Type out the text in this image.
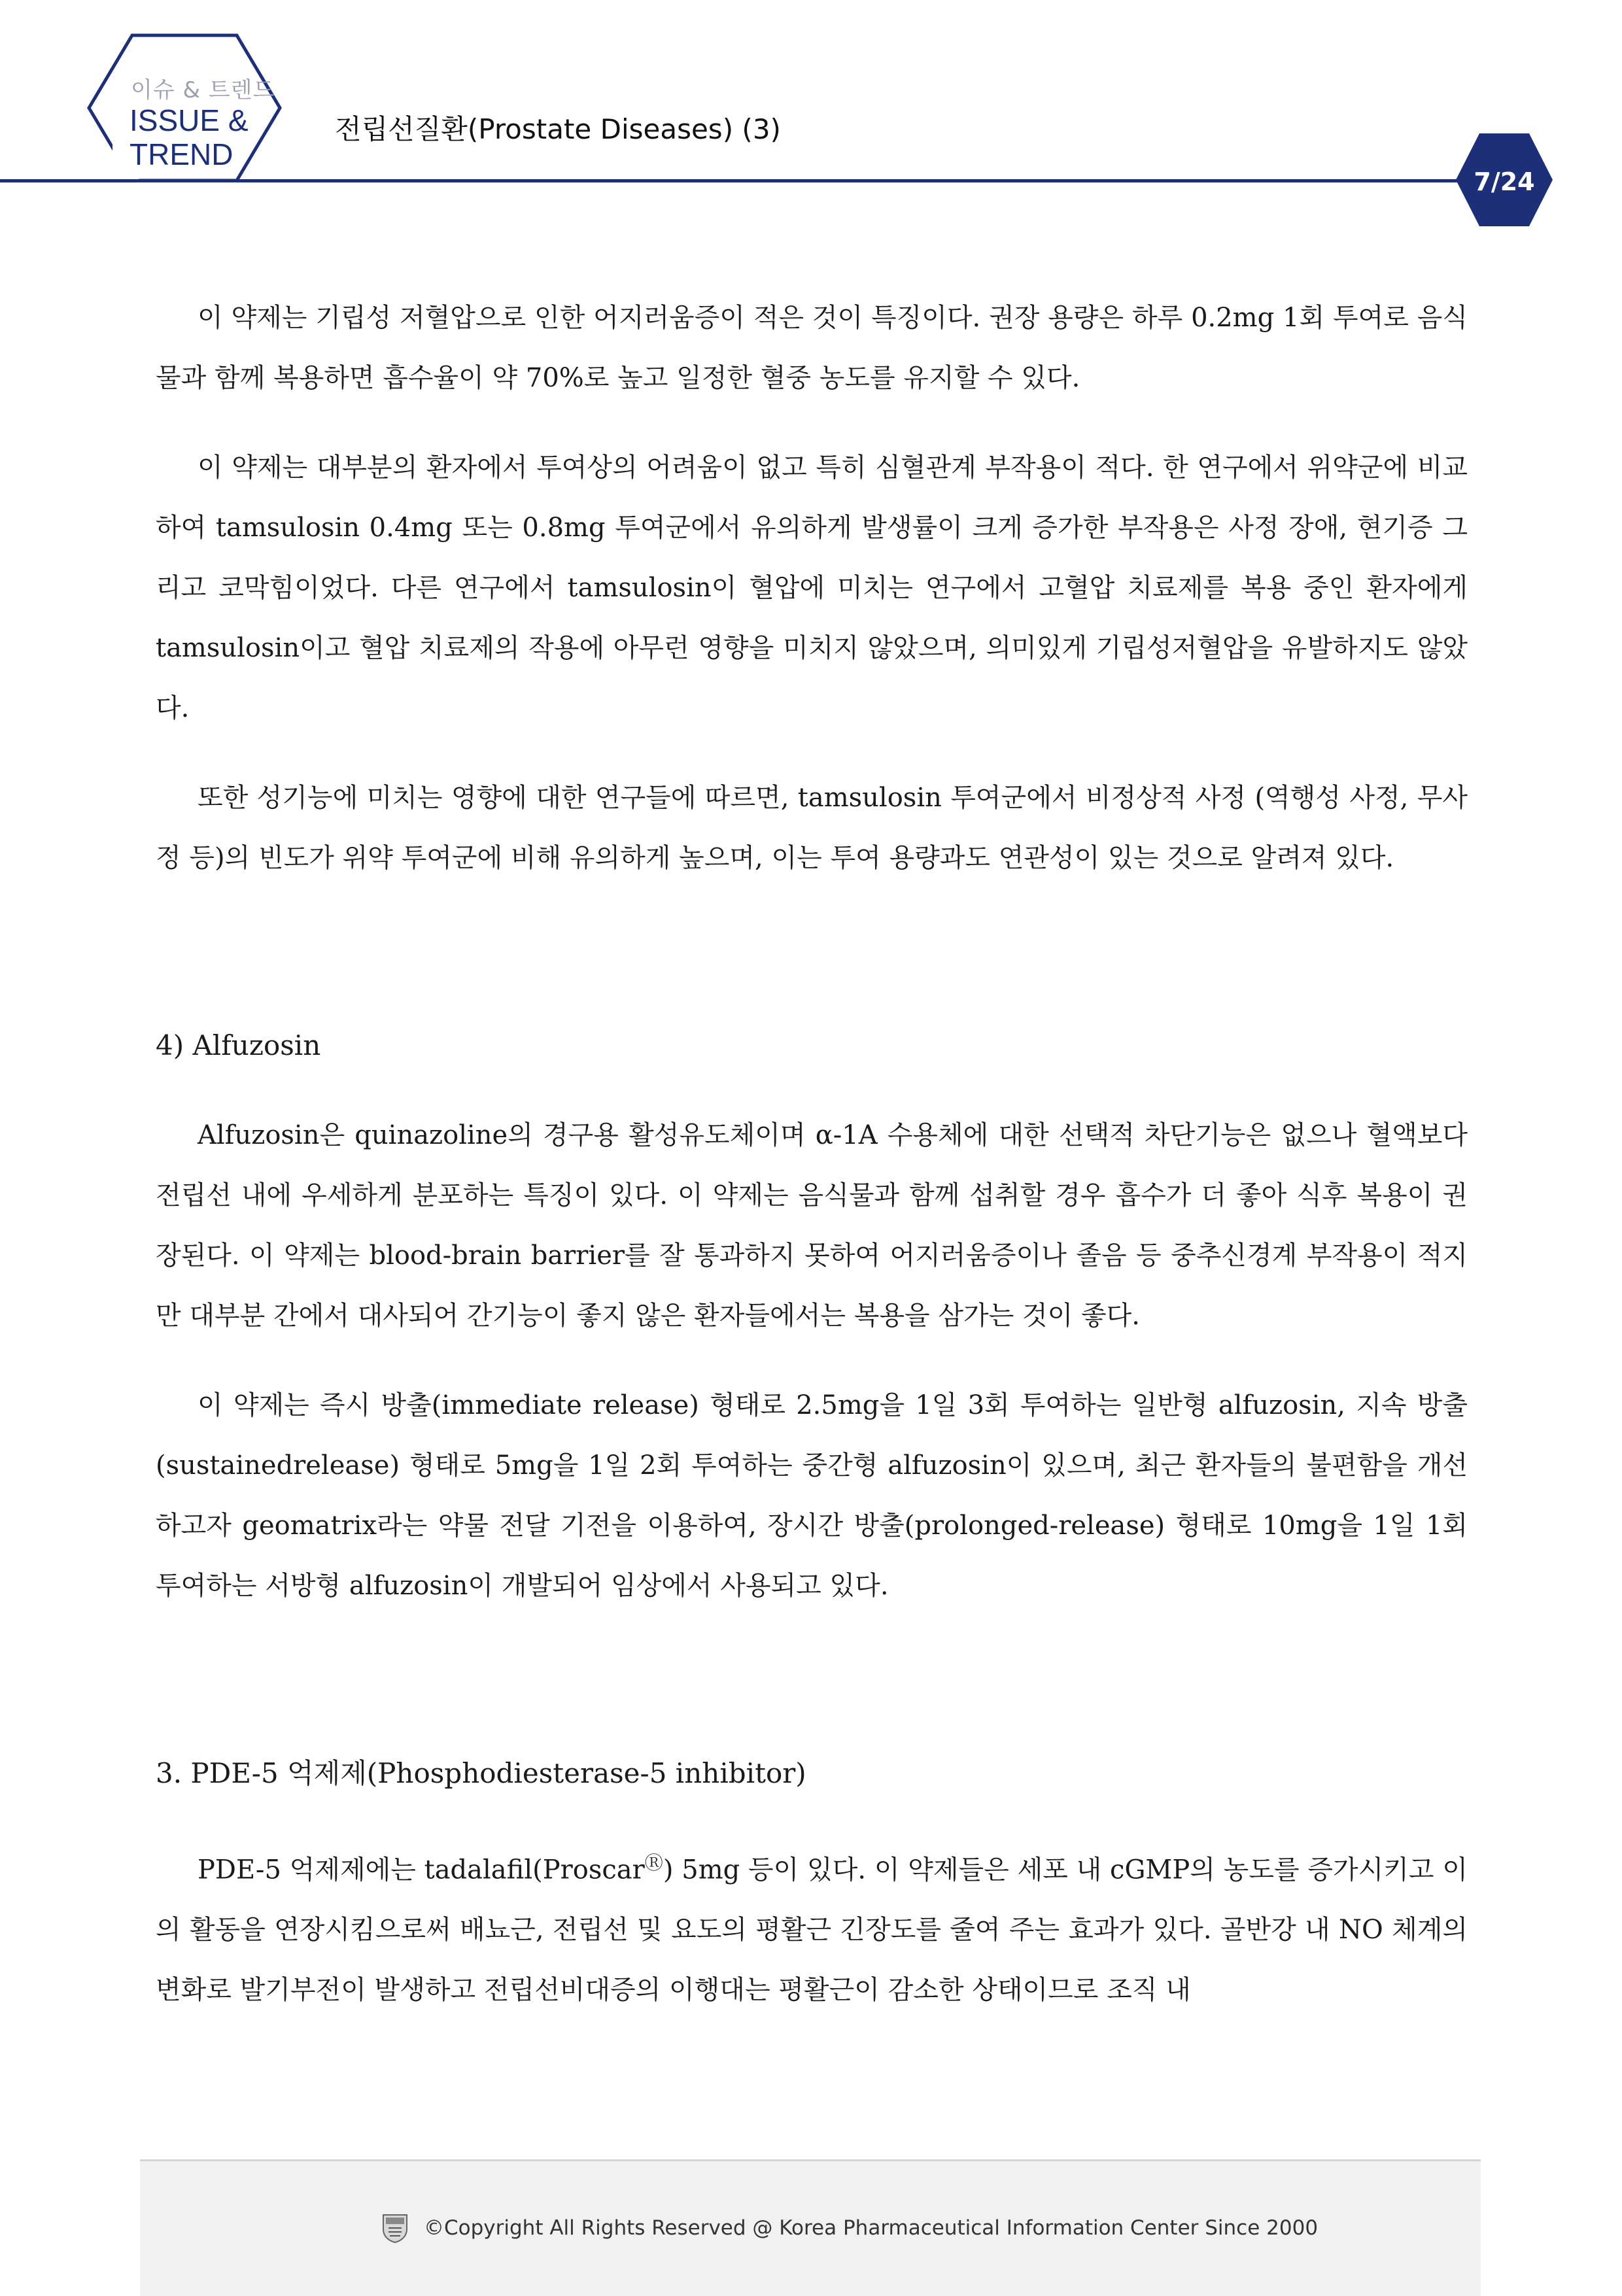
이슈 & 트렌드
ISSUE &
TREND
전립선질환(Prostate Diseases) (3)
7/24

이 약제는 기립성 저혈압으로 인한 어지러움증이 적은 것이 특징이다. 권장 용량은 하루 0.2mg 1회 투여로 음식물과 함께 복용하면 흡수율이 약 70%로 높고 일정한 혈중 농도를 유지할 수 있다.

이 약제는 대부분의 환자에서 투여상의 어려움이 없고 특히 심혈관계 부작용이 적다. 한 연구에서 위약군에 비교하여 tamsulosin 0.4mg 또는 0.8mg 투여군에서 유의하게 발생률이 크게 증가한 부작용은 사정 장애, 현기증 그리고 코막힘이었다. 다른 연구에서 tamsulosin이 혈압에 미치는 연구에서 고혈압 치료제를 복용 중인 환자에게 tamsulosin이고 혈압 치료제의 작용에 아무런 영향을 미치지 않았으며, 의미있게 기립성저혈압을 유발하지도 않았다.

또한 성기능에 미치는 영향에 대한 연구들에 따르면, tamsulosin 투여군에서 비정상적 사정 (역행성 사정, 무사정 등)의 빈도가 위약 투여군에 비해 유의하게 높으며, 이는 투여 용량과도 연관성이 있는 것으로 알려져 있다.

4) Alfuzosin

Alfuzosin은 quinazoline의 경구용 활성유도체이며 α-1A 수용체에 대한 선택적 차단기능은 없으나 혈액보다 전립선 내에 우세하게 분포하는 특징이 있다. 이 약제는 음식물과 함께 섭취할 경우 흡수가 더 좋아 식후 복용이 권장된다. 이 약제는 blood-brain barrier를 잘 통과하지 못하여 어지러움증이나 졸음 등 중추신경계 부작용이 적지만 대부분 간에서 대사되어 간기능이 좋지 않은 환자들에서는 복용을 삼가는 것이 좋다.

이 약제는 즉시 방출(immediate release) 형태로 2.5mg을 1일 3회 투여하는 일반형 alfuzosin, 지속 방출(sustainedrelease) 형태로 5mg을 1일 2회 투여하는 중간형 alfuzosin이 있으며, 최근 환자들의 불편함을 개선하고자 geomatrix라는 약물 전달 기전을 이용하여, 장시간 방출(prolonged-release) 형태로 10mg을 1일 1회 투여하는 서방형 alfuzosin이 개발되어 임상에서 사용되고 있다.

3. PDE-5 억제제(Phosphodiesterase-5 inhibitor)

PDE-5 억제제에는 tadalafil(ProscarⓇ) 5mg 등이 있다. 이 약제들은 세포 내 cGMP의 농도를 증가시키고 이의 활동을 연장시킴으로써 배뇨근, 전립선 및 요도의 평활근 긴장도를 줄여 주는 효과가 있다. 골반강 내 NO 체계의 변화로 발기부전이 발생하고 전립선비대증의 이행대는 평활근이 감소한 상태이므로 조직 내

©Copyright All Rights Reserved @ Korea Pharmaceutical Information Center Since 2000
